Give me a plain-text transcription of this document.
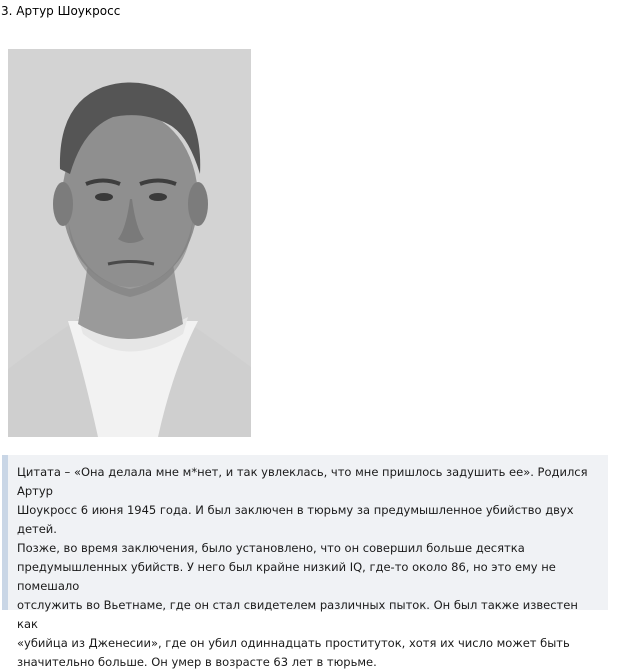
3. Артур Шоукросс

Цитата – «Она делала мне м*нет, и так увлеклась, что мне пришлось задушить ее». Родился Артур
Шоукросс 6 июня 1945 года. И был заключен в тюрьму за предумышленное убийство двух детей.
Позже, во время заключения, было установлено, что он совершил больше десятка
предумышленных убийств. У него был крайне низкий IQ, где-то около 86, но это ему не помешало
отслужить во Вьетнаме, где он стал свидетелем различных пыток. Он был также известен как
«убийца из Дженесии», где он убил одиннадцать проституток, хотя их число может быть
значительно больше. Он умер в возрасте 63 лет в тюрьме.
